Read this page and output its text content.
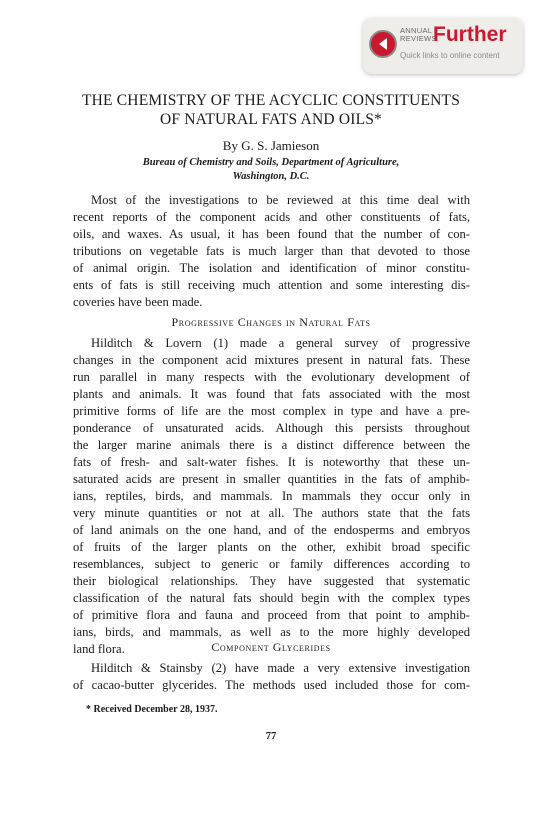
ANNUAL
REVIEWS
Further
Quick links to online content
THE CHEMISTRY OF THE ACYCLIC CONSTITUENTS
OF NATURAL FATS AND OILS*
By G. S. Jamieson
Bureau of Chemistry and Soils, Department of Agriculture,
Washington, D.C.
Most of the investigations to be reviewed at this time deal with
recent reports of the component acids and other constituents of fats,
oils, and waxes. As usual, it has been found that the number of con-
tributions on vegetable fats is much larger than that devoted to those
of animal origin. The isolation and identification of minor constitu-
ents of fats is still receiving much attention and some interesting dis-
coveries have been made.
Progressive Changes in Natural Fats
Hilditch & Lovern (1) made a general survey of progressive
changes in the component acid mixtures present in natural fats. These
run parallel in many respects with the evolutionary development of
plants and animals. It was found that fats associated with the most
primitive forms of life are the most complex in type and have a pre-
ponderance of unsaturated acids. Although this persists throughout
the larger marine animals there is a distinct difference between the
fats of fresh- and salt-water fishes. It is noteworthy that these un-
saturated acids are present in smaller quantities in the fats of amphib-
ians, reptiles, birds, and mammals. In mammals they occur only in
very minute quantities or not at all. The authors state that the fats
of land animals on the one hand, and of the endosperms and embryos
of fruits of the larger plants on the other, exhibit broad specific
resemblances, subject to generic or family differences according to
their biological relationships. They have suggested that systematic
classification of the natural fats should begin with the complex types
of primitive flora and fauna and proceed from that point to amphib-
ians, birds, and mammals, as well as to the more highly developed
land flora.	Component Glycerides
Hilditch & Stainsby (2) have made a very extensive investigation
of cacao-butter glycerides. The methods used included those for com-
* Received December 28, 1937.
77
